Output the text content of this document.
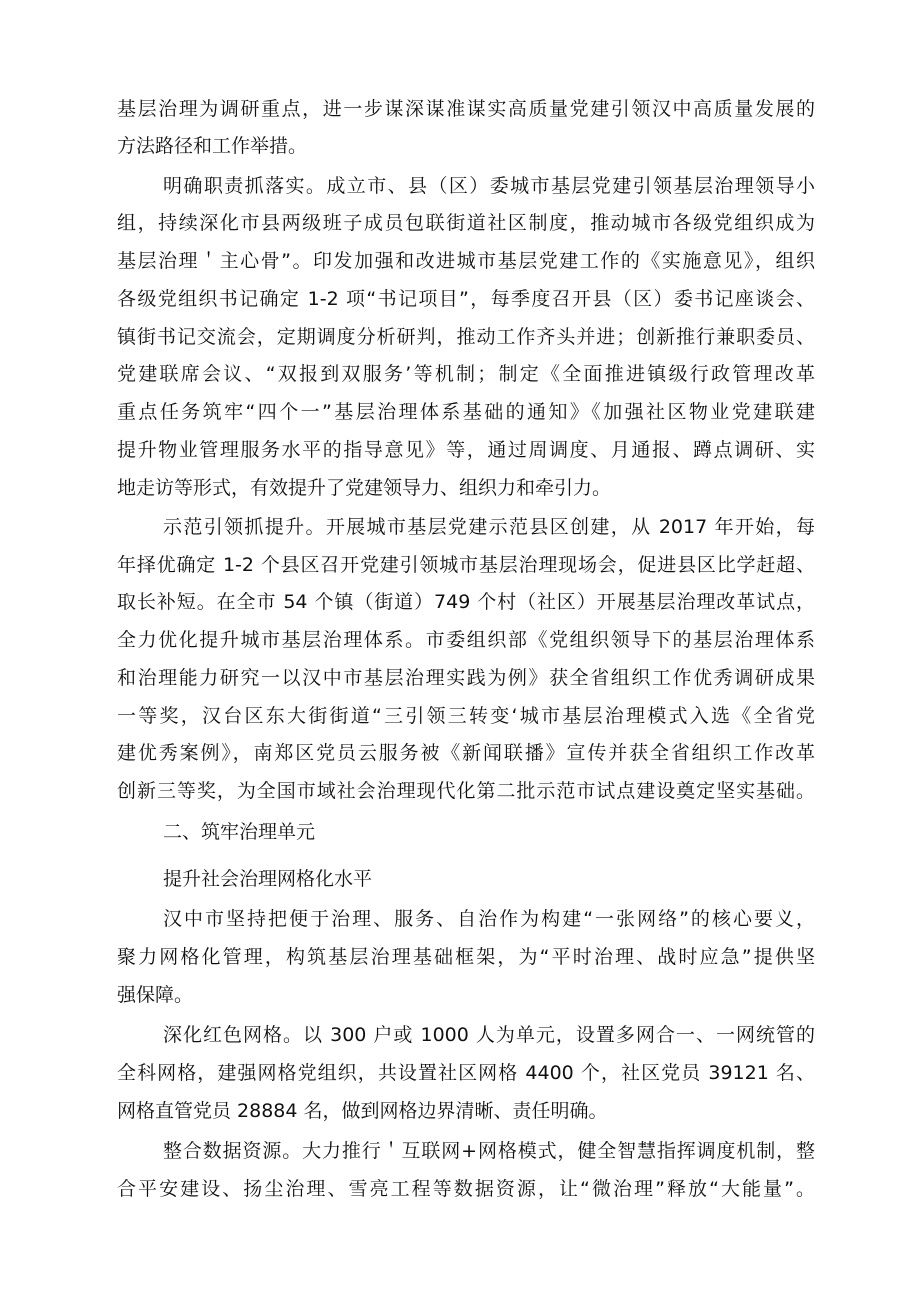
基层治理为调研重点，进一步谋深谋准谋实高质量党建引领汉中高质量发展的
方法路径和工作举措。
明确职责抓落实。成立市、县（区）委城市基层党建引领基层治理领导小
组，持续深化市县两级班子成员包联街道社区制度，推动城市各级党组织成为
基层治理＇主心骨”。印发加强和改进城市基层党建工作的《实施意见》，组织
各级党组织书记确定 1-2 项“书记项目”，每季度召开县（区）委书记座谈会、
镇街书记交流会，定期调度分析研判，推动工作齐头并进；创新推行兼职委员、
党建联席会议、“双报到双服务’等机制；制定《全面推进镇级行政管理改革
重点任务筑牢“四个一”基层治理体系基础的通知》《加强社区物业党建联建
提升物业管理服务水平的指导意见》等，通过周调度、月通报、蹲点调研、实
地走访等形式，有效提升了党建领导力、组织力和牵引力。
示范引领抓提升。开展城市基层党建示范县区创建，从 2017 年开始，每
年择优确定 1-2 个县区召开党建引领城市基层治理现场会，促进县区比学赶超、
取长补短。在全市 54 个镇（街道）749 个村（社区）开展基层治理改革试点，
全力优化提升城市基层治理体系。市委组织部《党组织领导下的基层治理体系
和治理能力研究一以汉中市基层治理实践为例》获全省组织工作优秀调研成果
一等奖，汉台区东大街街道“三引领三转变‘城市基层治理模式入选《全省党
建优秀案例》，南郑区党员云服务被《新闻联播》宣传并获全省组织工作改革
创新三等奖，为全国市域社会治理现代化第二批示范市试点建设奠定坚实基础。
二、筑牢治理单元
提升社会治理网格化水平
汉中市坚持把便于治理、服务、自治作为构建“一张网络”的核心要义，
聚力网格化管理，构筑基层治理基础框架，为“平时治理、战时应急”提供坚
强保障。
深化红色网格。以 300 户或 1000 人为单元，设置多网合一、一网统管的
全科网格，建强网格党组织，共设置社区网格 4400 个，社区党员 39121 名、
网格直管党员 28884 名，做到网格边界清晰、责任明确。
整合数据资源。大力推行＇互联网+网格模式，健全智慧指挥调度机制，整
合平安建设、扬尘治理、雪亮工程等数据资源，让“微治理”释放“大能量”。
